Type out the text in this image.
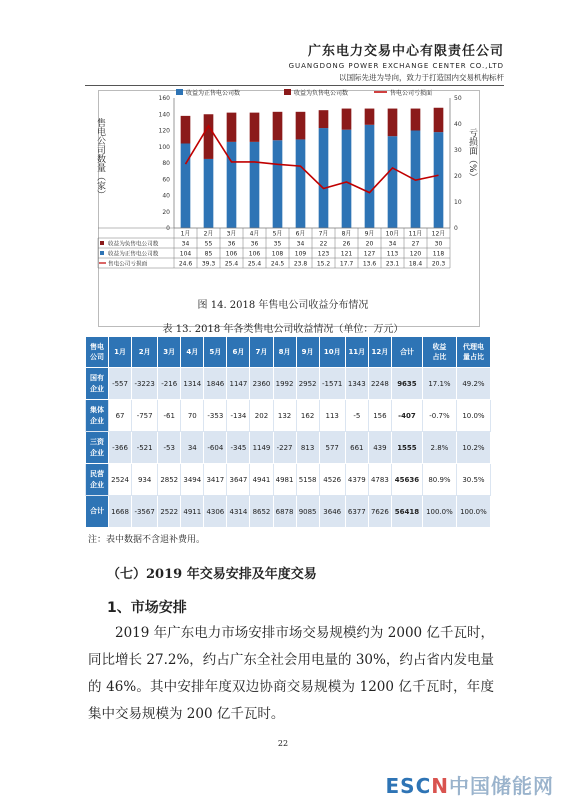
广东电力交易中心有限责任公司
GUANGDONG POWER EXCHANGE CENTER CO.,LTD
以国际先进为导向，致力于打造国内交易机构标杆
收益为正售电公司数	收益为负售电公司数	售电公司亏损面
0
20
40
60
80
100
120
140
160
0
10
20
30
40
50
售电公司数量（家）	亏损面（%）
1月 2月 3月 4月 5月 6月 7月 8月 9月 10月 11月 12月
收益为负售电公司数	34	55	36	36	35	34	22	26	20	34	27	30
收益为正售电公司数	104 85 106 106 108 109 123 121 127 113 120 118
售电公司亏损面	24.6 39.3 25.4 25.4 24.5 23.8 15.2 17.7 13.6 23.1 18.4 20.3
图 14. 2018 年售电公司收益分布情况
表 13. 2018 年各类售电公司收益情况（单位：万元）
售电
公司	1月	2月	3月	4月	5月	6月	7月	8月	9月	10月	11月	12月	合计	收益
占比	代理电
量占比
国有
企业	-557	-3223	-216	1314	1846	1147	2360	1992	2952	-1571	1343	2248	9635	17.1%	49.2%
集体
企业	67	-757	-61	70	-353	-134	202	132	162	113	-5	156	-407	-0.7%	10.0%
三资
企业	-366	-521	-53	34	-604	-345	1149	-227	813	577	661	439	1555	2.8%	10.2%
民营
企业	2524	934	2852	3494	3417	3647	4941	4981	5158	4526	4379	4783	45636	80.9%	30.5%
合计	1668	-3567	2522	4911	4306	4314	8652	6878	9085	3646	6377	7626	56418	100.0%	100.0%
注：表中数据不含退补费用。
（七）2019 年交易安排及年度交易
1、市场安排
2019 年广东电力市场安排市场交易规模约为 2000 亿千瓦时，同比增长 27.2%，约占广东全社会用电量的 30%，约占省内发电量的 46%。其中安排年度双边协商交易规模为 1200 亿千瓦时，年度集中交易规模为 200 亿千瓦时。
22
ESCN中国储能网
